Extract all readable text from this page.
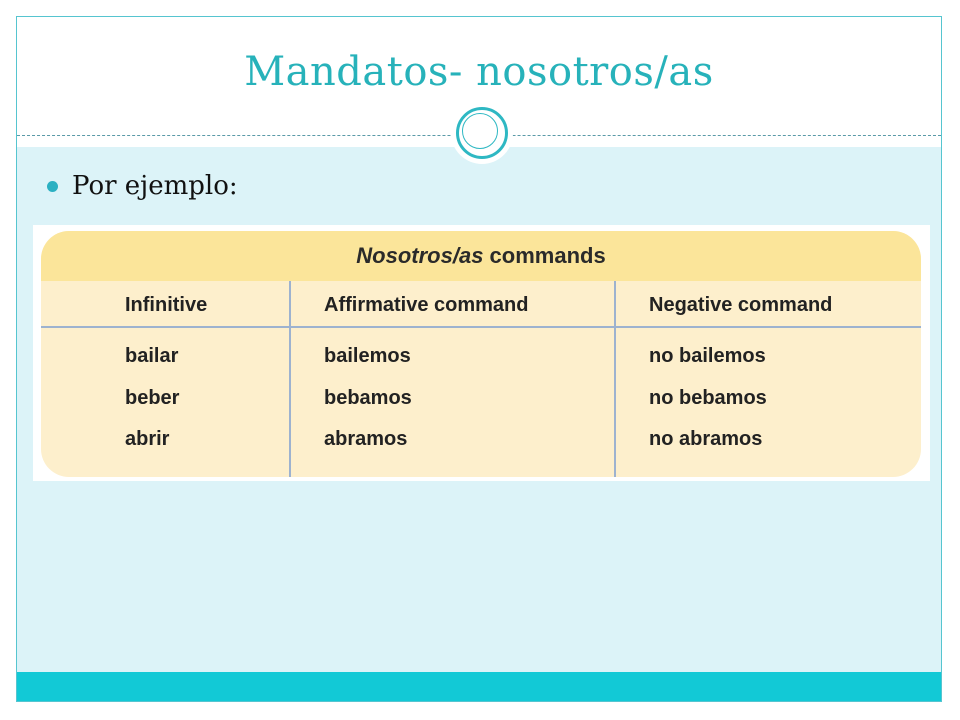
Mandatos- nosotros/as
Por ejemplo:
Nosotros/as commands
Infinitive	Affirmative command	Negative command
bailar	bailemos	no bailemos
beber	bebamos	no bebamos
abrir	abramos	no abramos
